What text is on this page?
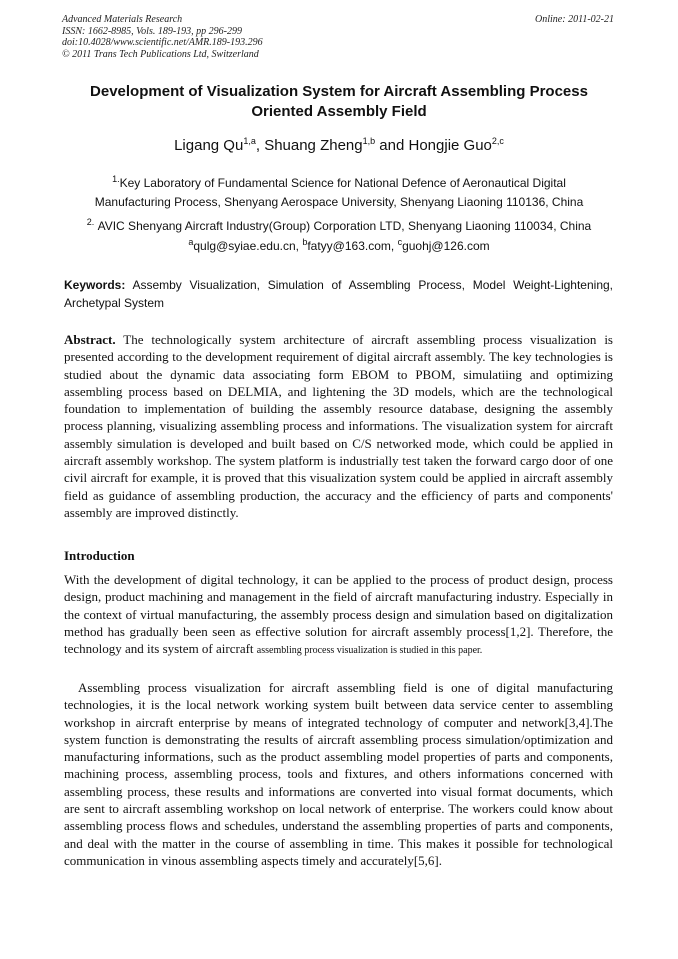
Advanced Materials Research	Online: 2011-02-21
ISSN: 1662-8985, Vols. 189-193, pp 296-299
doi:10.4028/www.scientific.net/AMR.189-193.296
© 2011 Trans Tech Publications Ltd, Switzerland
Development of Visualization System for Aircraft Assembling Process
Oriented Assembly Field
Ligang Qu$^{1,a}$, Shuang Zheng$^{1,b}$ and Hongjie Guo$^{2,c}$
$^{1.}$Key Laboratory of Fundamental Science for National Defence of Aeronautical Digital
Manufacturing Process, Shenyang Aerospace University, Shenyang Liaoning 110136, China
$^{2.}$ AVIC Shenyang Aircraft Industry(Group) Corporation LTD, Shenyang Liaoning 110034, China
$^a$qulg@syiae.edu.cn, $^b$fatyy@163.com, $^c$guohj@126.com
Keywords: Assemby Visualization, Simulation of Assembling Process, Model Weight-Lightening, Archetypal System
Abstract. The technologically system architecture of aircraft assembling process visualization is presented according to the development requirement of digital aircraft assembly. The key technologies is studied about the dynamic data associating form EBOM to PBOM, simulatiing and optimizing assembling process based on DELMIA, and lightening the 3D models, which are the technological foundation to implementation of building the assembly resource database, designing the assembly process planning, visualizing assembling process and informations. The visualization system for aircraft assembly simulation is developed and built based on C/S networked mode, which could be applied in aircraft assembly workshop. The system platform is industrially test taken the forward cargo door of one civil aircraft for example, it is proved that this visualization system could be applied in aircraft assembly field as guidance of assembling production, the accuracy and the efficiency of parts and components' assembly are improved distinctly.
Introduction
With the development of digital technology, it can be applied to the process of product design, process design, product machining and management in the field of aircraft manufacturing industry. Especially in the context of virtual manufacturing, the assembly process design and simulation based on digitalization method has gradually been seen as effective solution for aircraft assembly process[1,2]. Therefore, the technology and its system of aircraft assembling process visualization is studied in this paper.
Assembling process visualization for aircraft assembling field is one of digital manufacturing technologies, it is the local network working system built between data service center to assembling workshop in aircraft enterprise by means of integrated technology of computer and network[3,4].The system function is demonstrating the results of aircraft assembling process simulation/optimization and manufacturing informations, such as the product assembling model properties of parts and components, machining process, assembling process, tools and fixtures, and others informations concerned with assembling process, these results and informations are converted into visual format documents, which are sent to aircraft assembling workshop on local network of enterprise. The workers could know about assembling process flows and schedules, understand the assembling properties of parts and components, and deal with the matter in the course of assembling in time. This makes it possible for technological communication in vinous assembling aspects timely and accurately[5,6].
